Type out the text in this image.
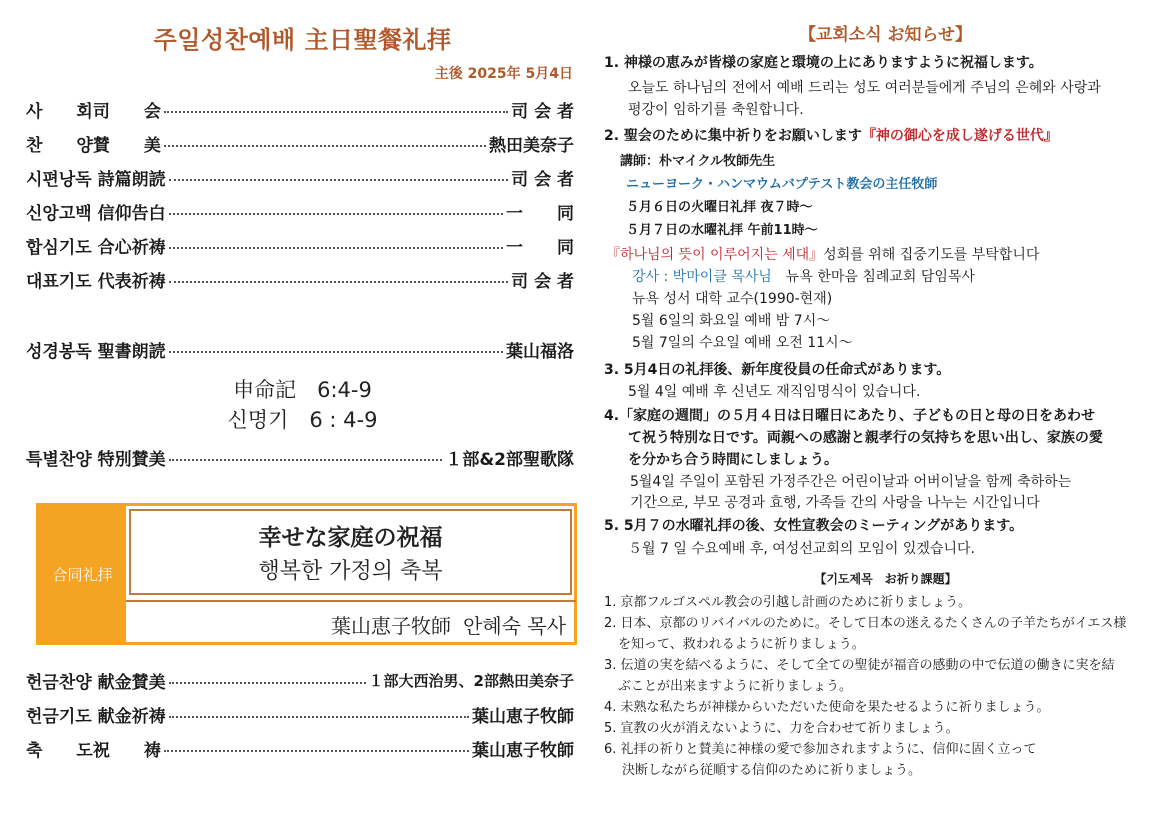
주일성찬예배 主日聖餐礼拝
主後 2025年 5月4日
사　　회司　　会	司 会 者
찬　　양賛　　美	熱田美奈子
시편낭독 詩篇朗読	司 会 者
신앙고백 信仰告白	一　　同
합심기도 合心祈祷	一　　同
대표기도 代表祈祷	司 会 者
성경봉독 聖書朗読	葉山福洛
申命記　6:4-9
신명기　6 : 4-9
특별찬양 特別賛美	１部&2部聖歌隊
合同礼拝
幸せな家庭の祝福
행복한 가정의 축복
葉山恵子牧師 안혜숙 목사
헌금찬양 献金賛美	１部大西治男、2部熱田美奈子
헌금기도 献金祈祷	葉山恵子牧師
축　　도祝　　祷	葉山恵子牧師
【교회소식 お知らせ】
1. 神様の恵みが皆様の家庭と環境の上にありますように祝福します。
오늘도 하나님의 전에서 예배 드리는 성도 여러분들에게 주님의 은혜와 사랑과
평강이 임하기를 축원합니다.
2. 聖会のために集中祈りをお願いします『神の御心を成し遂げる世代』
講師：朴マイクル牧師先生
ニューヨーク・ハンマウムバプテスト教会の主任牧師
５月６日の火曜日礼拝 夜７時～
５月７日の水曜礼拝 午前11時～
『하나님의 뜻이 이루어지는 세대』성회를 위해 집중기도를 부탁합니다
강사 : 박마이클 목사님 뉴욕 한마음 침례교회 담임목사
뉴욕 성서 대학 교수(1990-현재)
5월 6일의 화요일 예배 밤 7시～
5월 7일의 수요일 예배 오전 11시～
3. 5月4日の礼拝後、新年度役員の任命式があります。
5월 4일 예배 후 신년도 재직임명식이 있습니다.
4.「家庭の週間」の５月４日は日曜日にあたり、子どもの日と母の日をあわせ
て祝う特別な日です。両親への感謝と親孝行の気持ちを思い出し、家族の愛
を分かち合う時間にしましょう。
5월4일 주일이 포함된 가정주간은 어린이날과 어버이날을 함께 축하하는
기간으로, 부모 공경과 효행, 가족들 간의 사랑을 나누는 시간입니다
5. 5月７の水曜礼拝の後、女性宣教会のミーティングがあります。
５월 7 일 수요예배 후, 여성선교회의 모임이 있겠습니다.
【기도제목　お祈り課題】
1. 京都フルゴスペル教会の引越し計画のために祈りましょう。
2. 日本、京都のリバイバルのために。そして日本の迷えるたくさんの子羊たちがイエス様
を知って、救われるように祈りましょう。
3. 伝道の実を結べるように、そして全ての聖徒が福音の感動の中で伝道の働きに実を結
ぶことが出来ますように祈りましょう。
4. 未熟な私たちが神様からいただいた使命を果たせるように祈りましょう。
5. 宣教の火が消えないように、力を合わせて祈りましょう。
6. 礼拝の祈りと賛美に神様の愛で参加されますように、信仰に固く立って
決断しながら従順する信仰のために祈りましょう。
